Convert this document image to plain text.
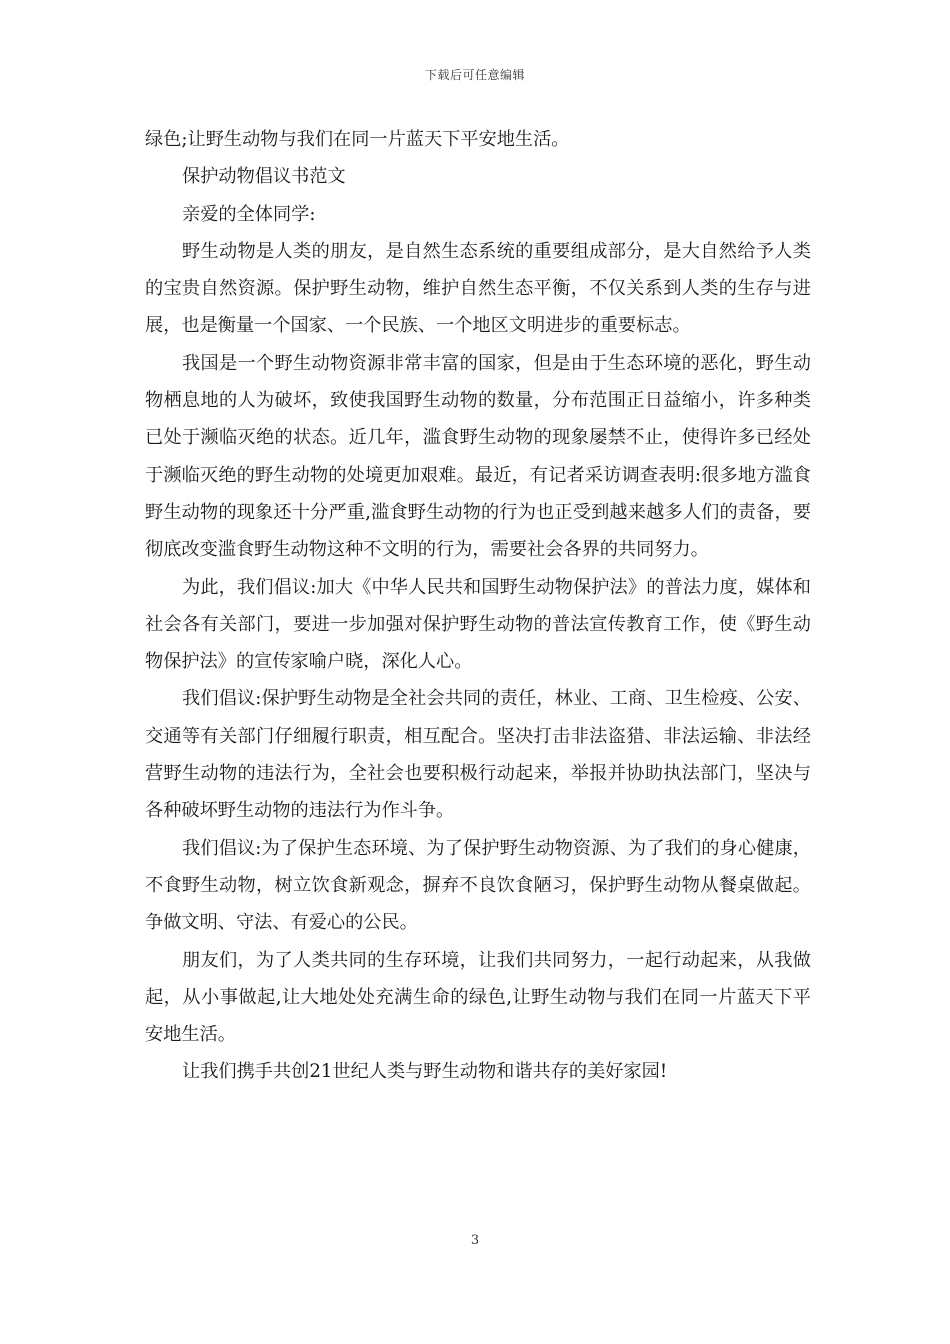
下载后可任意编辑

绿色;让野生动物与我们在同一片蓝天下平安地生活。

保护动物倡议书范文

亲爱的全体同学:

野生动物是人类的朋友，是自然生态系统的重要组成部分，是大自然给予人类的宝贵自然资源。保护野生动物，维护自然生态平衡，不仅关系到人类的生存与进展，也是衡量一个国家、一个民族、一个地区文明进步的重要标志。

我国是一个野生动物资源非常丰富的国家，但是由于生态环境的恶化，野生动物栖息地的人为破坏，致使我国野生动物的数量，分布范围正日益缩小，许多种类已处于濒临灭绝的状态。近几年，滥食野生动物的现象屡禁不止，使得许多已经处于濒临灭绝的野生动物的处境更加艰难。最近，有记者采访调查表明:很多地方滥食野生动物的现象还十分严重,滥食野生动物的行为也正受到越来越多人们的责备，要彻底改变滥食野生动物这种不文明的行为，需要社会各界的共同努力。

为此，我们倡议:加大《中华人民共和国野生动物保护法》的普法力度，媒体和社会各有关部门，要进一步加强对保护野生动物的普法宣传教育工作，使《野生动物保护法》的宣传家喻户晓，深化人心。

我们倡议:保护野生动物是全社会共同的责任，林业、工商、卫生检疫、公安、交通等有关部门仔细履行职责，相互配合。坚决打击非法盗猎、非法运输、非法经营野生动物的违法行为，全社会也要积极行动起来，举报并协助执法部门，坚决与各种破坏野生动物的违法行为作斗争。

我们倡议:为了保护生态环境、为了保护野生动物资源、为了我们的身心健康，不食野生动物，树立饮食新观念，摒弃不良饮食陋习，保护野生动物从餐桌做起。争做文明、守法、有爱心的公民。

朋友们，为了人类共同的生存环境，让我们共同努力，一起行动起来，从我做起，从小事做起,让大地处处充满生命的绿色,让野生动物与我们在同一片蓝天下平安地生活。

让我们携手共创21世纪人类与野生动物和谐共存的美好家园!

3
